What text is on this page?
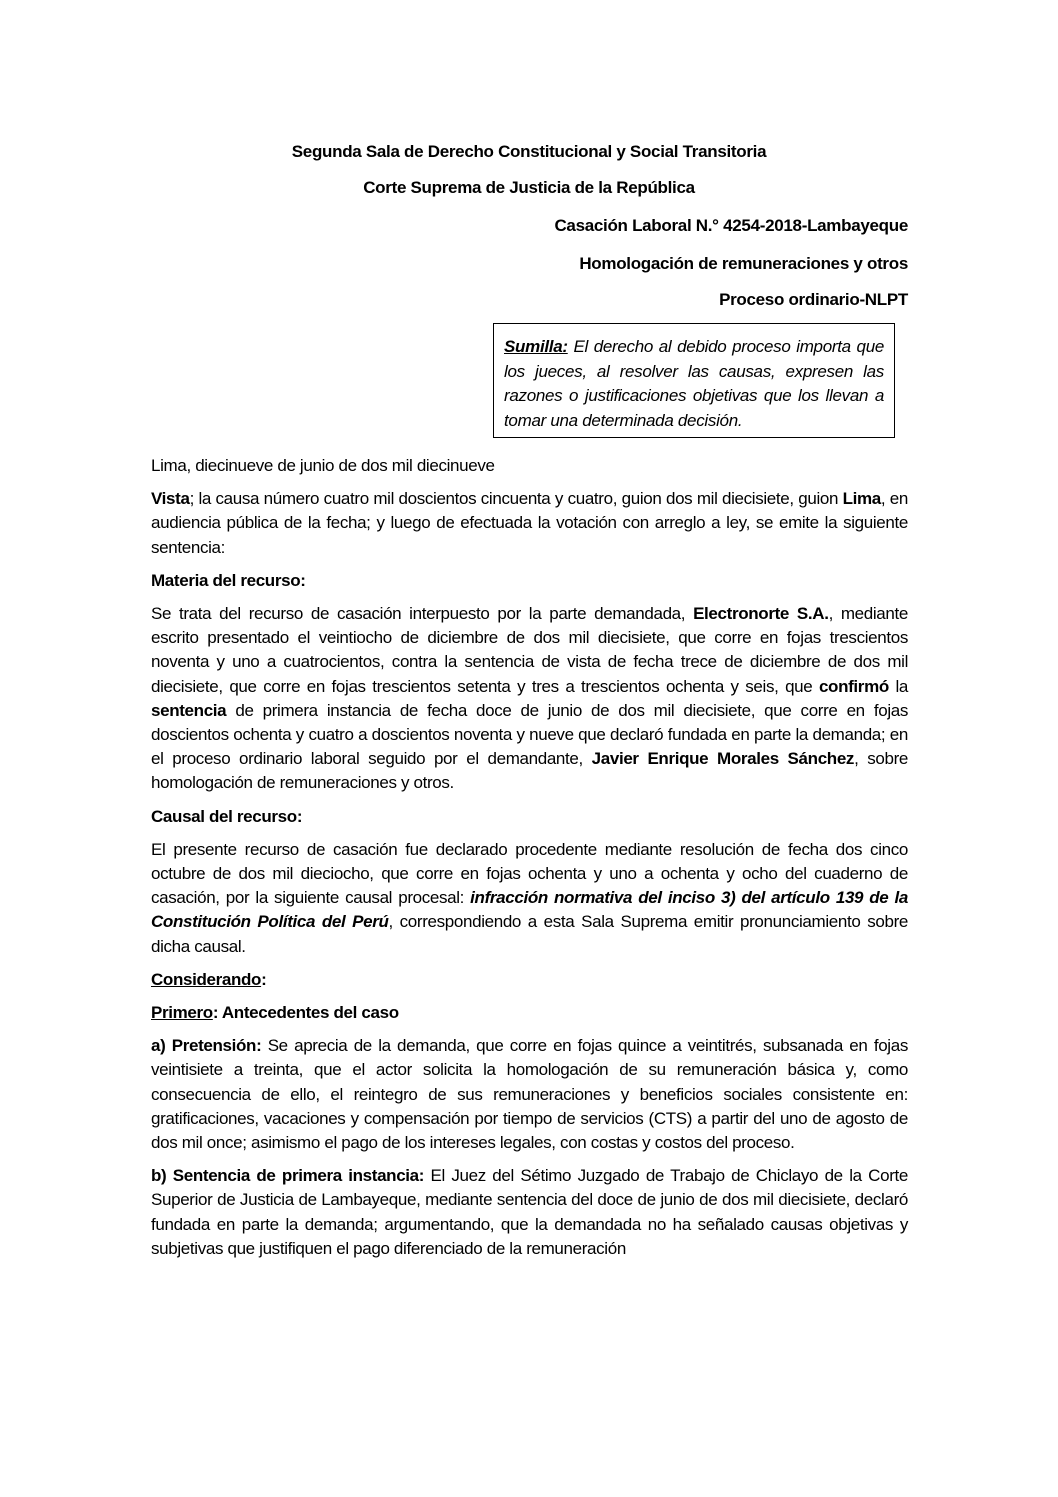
Segunda Sala de Derecho Constitucional y Social Transitoria
Corte Suprema de Justicia de la República
Casación Laboral N.° 4254-2018-Lambayeque
Homologación de remuneraciones y otros
Proceso ordinario-NLPT
Sumilla: El derecho al debido proceso importa que los jueces, al resolver las causas, expresen las razones o justificaciones objetivas que los llevan a tomar una determinada decisión.

Lima, diecinueve de junio de dos mil diecinueve

Vista; la causa número cuatro mil doscientos cincuenta y cuatro, guion dos mil diecisiete, guion Lima, en audiencia pública de la fecha; y luego de efectuada la votación con arreglo a ley, se emite la siguiente sentencia:

Materia del recurso:

Se trata del recurso de casación interpuesto por la parte demandada, Electronorte S.A., mediante escrito presentado el veintiocho de diciembre de dos mil diecisiete, que corre en fojas trescientos noventa y uno a cuatrocientos, contra la sentencia de vista de fecha trece de diciembre de dos mil diecisiete, que corre en fojas trescientos setenta y tres a trescientos ochenta y seis, que confirmó la sentencia de primera instancia de fecha doce de junio de dos mil diecisiete, que corre en fojas doscientos ochenta y cuatro a doscientos noventa y nueve que declaró fundada en parte la demanda; en el proceso ordinario laboral seguido por el demandante, Javier Enrique Morales Sánchez, sobre homologación de remuneraciones y otros.

Causal del recurso:

El presente recurso de casación fue declarado procedente mediante resolución de fecha dos cinco octubre de dos mil dieciocho, que corre en fojas ochenta y uno a ochenta y ocho del cuaderno de casación, por la siguiente causal procesal: infracción normativa del inciso 3) del artículo 139 de la Constitución Política del Perú, correspondiendo a esta Sala Suprema emitir pronunciamiento sobre dicha causal.

Considerando:

Primero: Antecedentes del caso

a) Pretensión: Se aprecia de la demanda, que corre en fojas quince a veintitrés, subsanada en fojas veintisiete a treinta, que el actor solicita la homologación de su remuneración básica y, como consecuencia de ello, el reintegro de sus remuneraciones y beneficios sociales consistente en: gratificaciones, vacaciones y compensación por tiempo de servicios (CTS) a partir del uno de agosto de dos mil once; asimismo el pago de los intereses legales, con costas y costos del proceso.

b) Sentencia de primera instancia: El Juez del Sétimo Juzgado de Trabajo de Chiclayo de la Corte Superior de Justicia de Lambayeque, mediante sentencia del doce de junio de dos mil diecisiete, declaró fundada en parte la demanda; argumentando, que la demandada no ha señalado causas objetivas y subjetivas que justifiquen el pago diferenciado de la remuneración
